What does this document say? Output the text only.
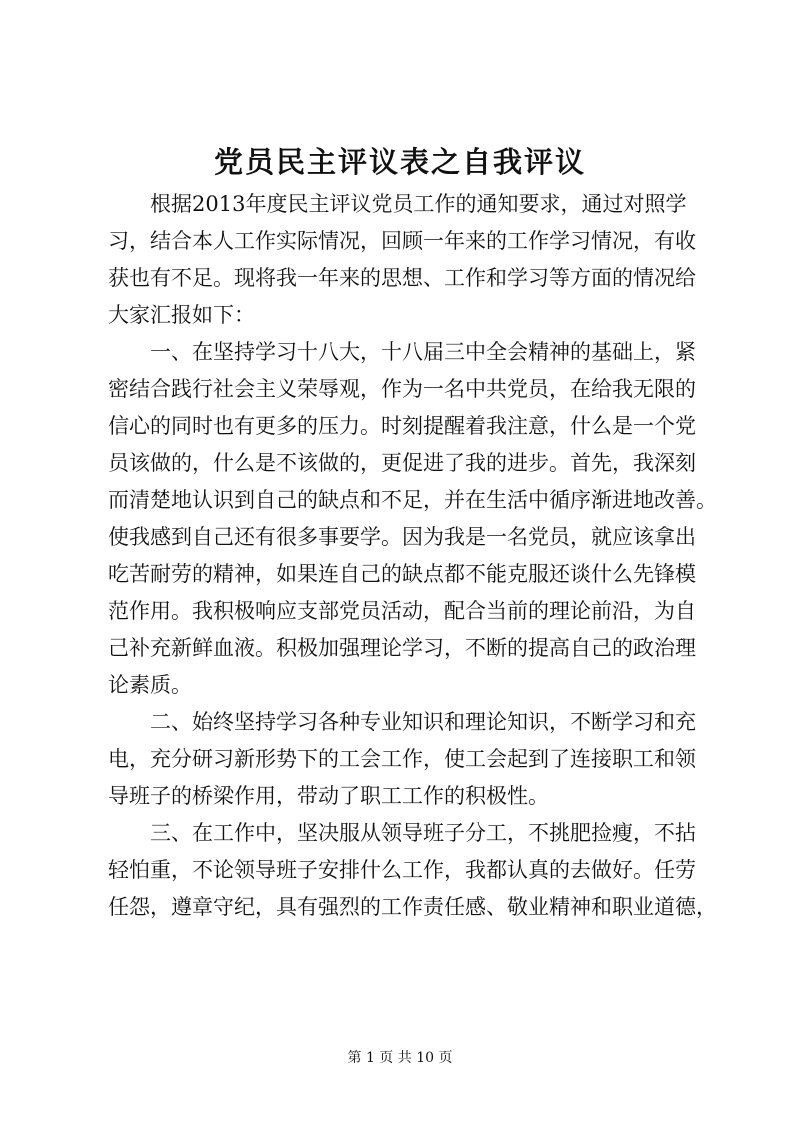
党员民主评议表之自我评议

根据2013年度民主评议党员工作的通知要求，通过对照学
习，结合本人工作实际情况，回顾一年来的工作学习情况，有收
获也有不足。现将我一年来的思想、工作和学习等方面的情况给
大家汇报如下：

一、在坚持学习十八大，十八届三中全会精神的基础上，紧
密结合践行社会主义荣辱观，作为一名中共党员，在给我无限的
信心的同时也有更多的压力。时刻提醒着我注意，什么是一个党
员该做的，什么是不该做的，更促进了我的进步。首先，我深刻
而清楚地认识到自己的缺点和不足，并在生活中循序渐进地改善。
使我感到自己还有很多事要学。因为我是一名党员，就应该拿出
吃苦耐劳的精神，如果连自己的缺点都不能克服还谈什么先锋模
范作用。我积极响应支部党员活动，配合当前的理论前沿，为自
己补充新鲜血液。积极加强理论学习，不断的提高自己的政治理
论素质。

二、始终坚持学习各种专业知识和理论知识，不断学习和充
电，充分研习新形势下的工会工作，使工会起到了连接职工和领
导班子的桥梁作用，带动了职工工作的积极性。

三、在工作中，坚决服从领导班子分工，不挑肥捡瘦，不拈
轻怕重，不论领导班子安排什么工作，我都认真的去做好。任劳
任怨，遵章守纪，具有强烈的工作责任感、敬业精神和职业道德，

第 1 页 共 10 页
